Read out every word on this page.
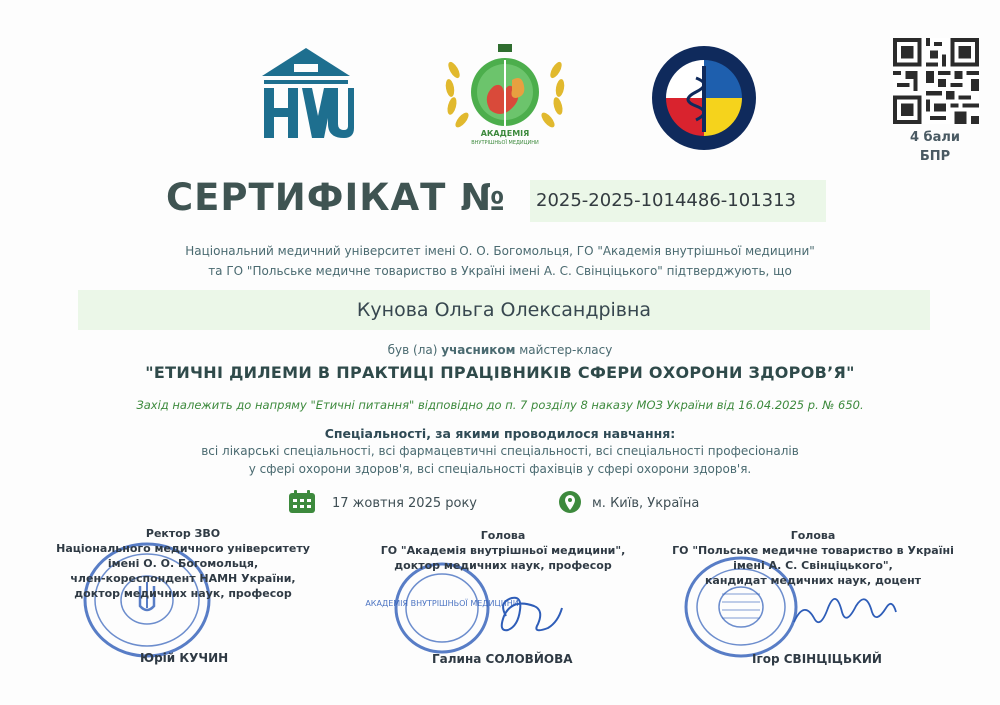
АКАДЕМІЯ
ВНУТРІШНЬОЇ МЕДИЦИНИ	4 бали
БПР
СЕРТИФІКАТ № 2025-2025-1014486-101313
Національний медичний університет імені О. О. Богомольця, ГО "Академія внутрішньої медицини"
та ГО "Польське медичне товариство в Україні імені А. С. Свінціцького" підтверджують, що
Кунова Ольга Олександрівна
був (ла) учасником майстер-класу
"ЕТИЧНІ ДИЛЕМИ В ПРАКТИЦІ ПРАЦІВНИКІВ СФЕРИ ОХОРОНИ ЗДОРОВ’Я"
Захід належить до напряму "Етичні питання" відповідно до п. 7 розділу 8 наказу МОЗ України від 16.04.2025 р. № 650.
Спеціальності, за якими проводилося навчання:
всі лікарські спеціальності, всі фармацевтичні спеціальності, всі спеціальності професіоналів
у сфері охорони здоров'я, всі спеціальності фахівців у сфері охорони здоров'я.
17 жовтня 2025 року	м. Київ, Україна
АКАДЕМІЯ ВНУТРІШНЬОЇ МЕДИЦИНИ
Ректор ЗВО
Національного медичного університету
імені О. О. Богомольця,
член-кореспондент НАМН України,
доктор медичних наук, професор
Голова
ГО "Академія внутрішньої медицини",
доктор медичних наук, професор
Голова
ГО "Польське медичне товариство в Україні
імені А. С. Свінціцького",
кандидат медичних наук, доцент
Юрій КУЧИН	Галина СОЛОВЙОВА	Ігор СВІНЦІЦЬКИЙ
